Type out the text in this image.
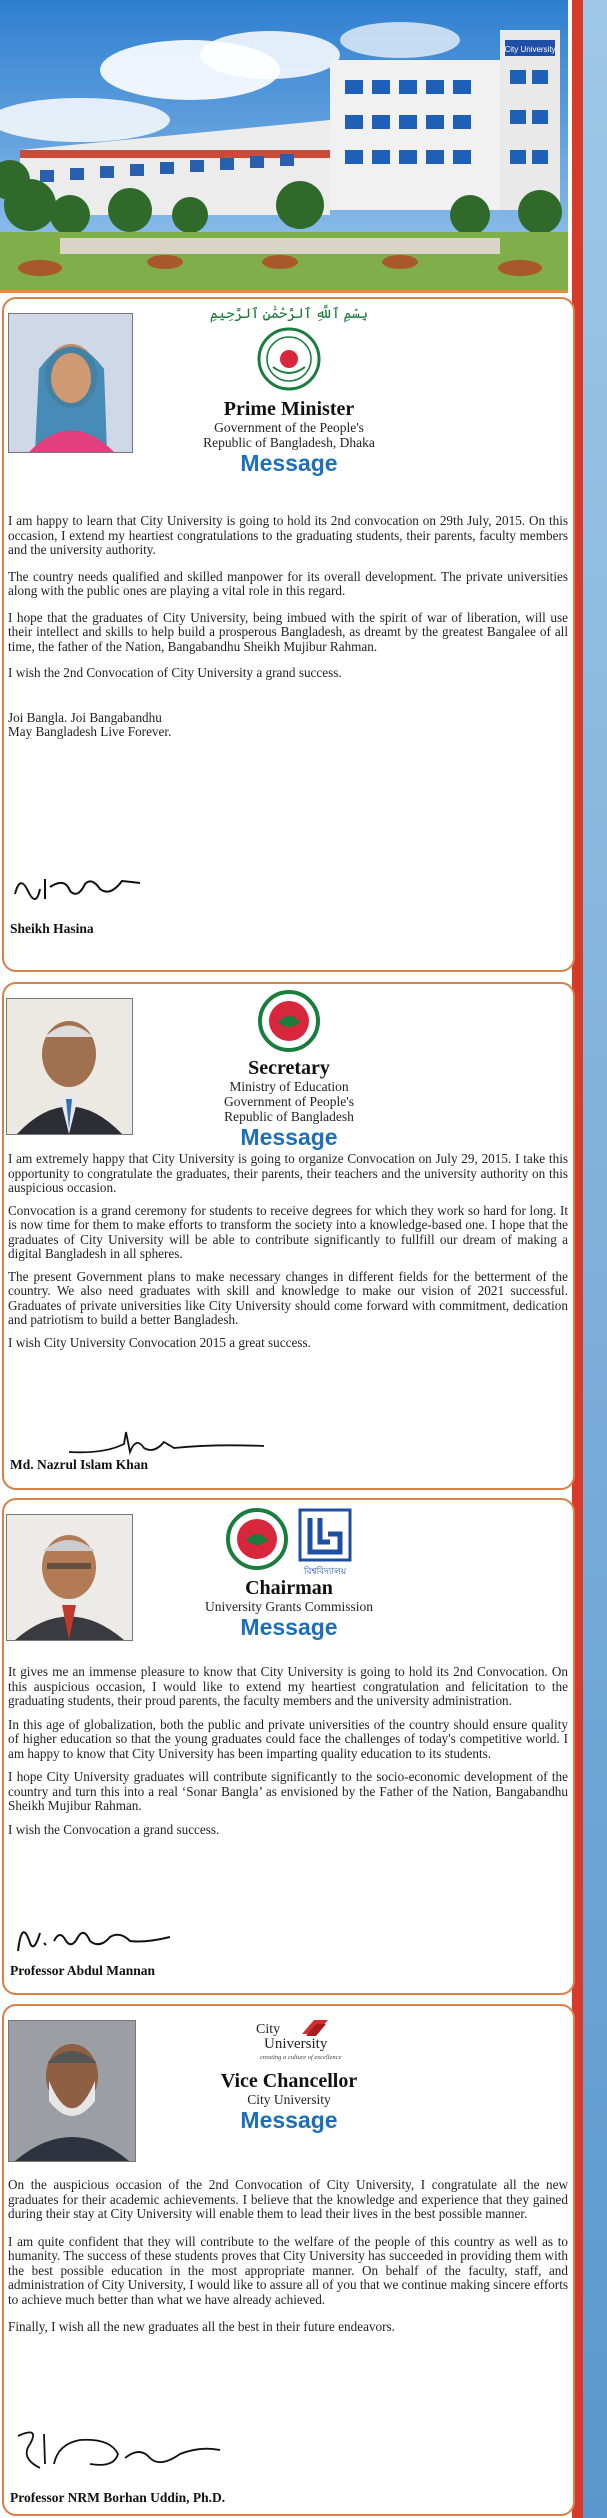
City University
بِسْمِ ٱللَّهِ ٱلرَّحْمَٰنِ ٱلرَّحِيمِ
Prime Minister
Government of the People's
Republic of Bangladesh, Dhaka
Message

I am happy to learn that City University is going to hold its 2nd convocation on 29th July, 2015. On this occasion, I extend my heartiest congratulations to the graduating students, their parents, faculty members and the university authority.

The country needs qualified and skilled manpower for its overall development. The private universities along with the public ones are playing a vital role in this regard.

I hope that the graduates of City University, being imbued with the spirit of war of liberation, will use their intellect and skills to help build a prosperous Bangladesh, as dreamt by the greatest Bangalee of all time, the father of the Nation, Bangabandhu Sheikh Mujibur Rahman.

I wish the 2nd Convocation of City University a grand success.

Joi Bangla. Joi Bangabandhu

May Bangladesh Live Forever.

Sheikh Hasina
Secretary
Ministry of Education
Government of People's
Republic of Bangladesh
Message

I am extremely happy that City University is going to organize Convocation on July 29, 2015. I take this opportunity to congratulate the graduates, their parents, their teachers and the university authority on this auspicious occasion.

Convocation is a grand ceremony for students to receive degrees for which they work so hard for long. It is now time for them to make efforts to transform the society into a knowledge-based one. I hope that the graduates of City University will be able to contribute significantly to fullfill our dream of making a digital Bangladesh in all spheres.

The present Government plans to make necessary changes in different fields for the betterment of the country. We also need graduates with skill and knowledge to make our vision of 2021 successful. Graduates of private universities like City University should come forward with commitment, dedication and patriotism to build a better Bangladesh.

I wish City University Convocation 2015 a great success.

Md. Nazrul Islam Khan
বিশ্ববিদ্যালয়
Chairman
University Grants Commission
Message

It gives me an immense pleasure to know that City University is going to hold its 2nd Convocation. On this auspicious occasion, I would like to extend my heartiest congratulation and felicitation to the graduating students, their proud parents, the faculty members and the university administration.

In this age of globalization, both the public and private universities of the country should ensure quality of higher education so that the young graduates could face the challenges of today's competitive world. I am happy to know that City University has been imparting quality education to its students.

I hope City University graduates will contribute significantly to the socio-economic development of the country and turn this into a real ‘Sonar Bangla’ as envisioned by the Father of the Nation, Bangabandhu Sheikh Mujibur Rahman.

I wish the Convocation a grand success.

Professor Abdul Mannan
City
University
creating a culture of excellence
Vice Chancellor
City University
Message

On the auspicious occasion of the 2nd Convocation of City University, I congratulate all the new graduates for their academic achievements. I believe that the knowledge and experience that they gained during their stay at City University will enable them to lead their lives in the best possible manner.

I am quite confident that they will contribute to the welfare of the people of this country as well as to humanity. The success of these students proves that City University has succeeded in providing them with the best possible education in the most appropriate manner. On behalf of the faculty, staff, and administration of City University, I would like to assure all of you that we continue making sincere efforts to achieve much better than what we have already achieved.

Finally, I wish all the new graduates all the best in their future endeavors.

Professor NRM Borhan Uddin, Ph.D.
